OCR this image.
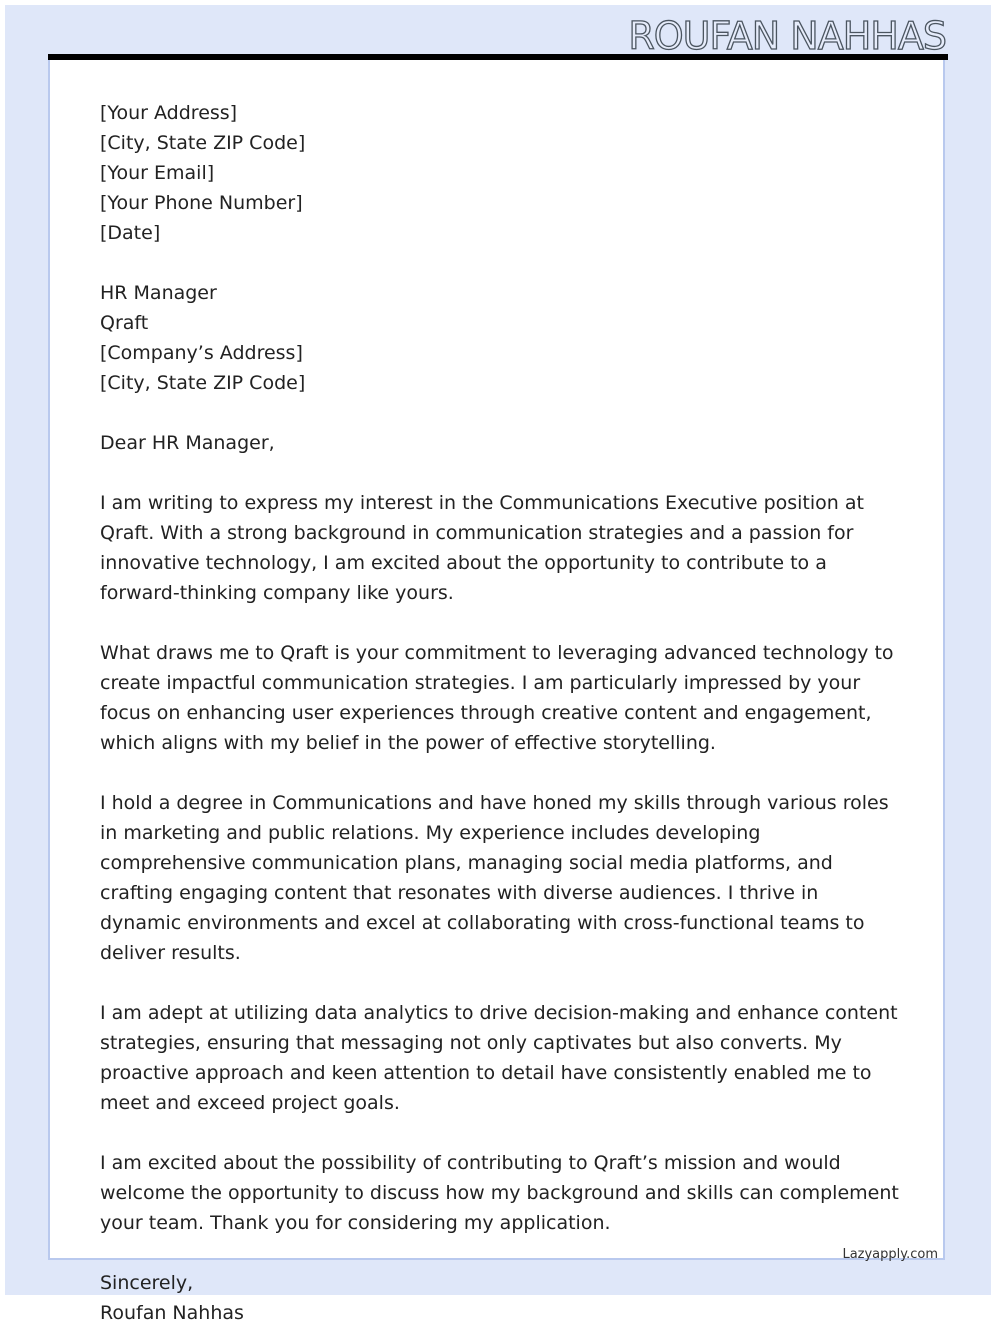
ROUFAN NAHHAS
[Your Address]
[City, State ZIP Code]
[Your Email]
[Your Phone Number]
[Date]
HR Manager
Qraft
[Company’s Address]
[City, State ZIP Code]
Dear HR Manager,

I am writing to express my interest in the Communications Executive position at Qraft. With a strong background in communication strategies and a passion for innovative technology, I am excited about the opportunity to contribute to a forward-thinking company like yours.

What draws me to Qraft is your commitment to leveraging advanced technology to create impactful communication strategies. I am particularly impressed by your focus on enhancing user experiences through creative content and engagement, which aligns with my belief in the power of effective storytelling.

I hold a degree in Communications and have honed my skills through various roles in marketing and public relations. My experience includes developing comprehensive communication plans, managing social media platforms, and crafting engaging content that resonates with diverse audiences. I thrive in dynamic environments and excel at collaborating with cross-functional teams to deliver results.

I am adept at utilizing data analytics to drive decision-making and enhance content strategies, ensuring that messaging not only captivates but also converts. My proactive approach and keen attention to detail have consistently enabled me to meet and exceed project goals.

I am excited about the possibility of contributing to Qraft’s mission and would welcome the opportunity to discuss how my background and skills can complement your team. Thank you for considering my application.

Sincerely,
Roufan Nahhas
Lazyapply.com
